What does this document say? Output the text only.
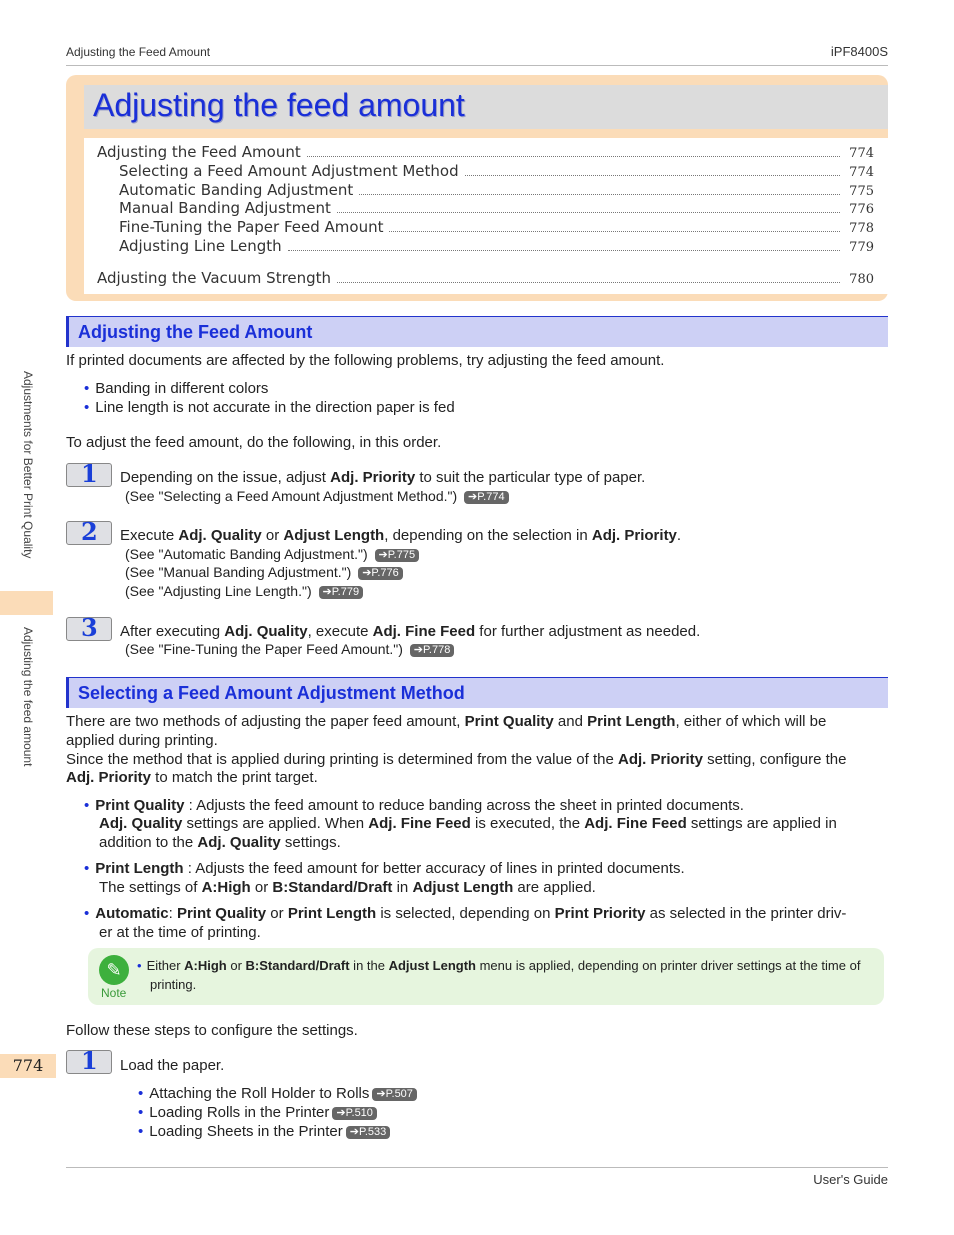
Adjusting the Feed Amount	iPF8400S
Adjusting the feed amount
Adjusting the Feed Amount	774
Selecting a Feed Amount Adjustment Method	774
Automatic Banding Adjustment	775
Manual Banding Adjustment	776
Fine-Tuning the Paper Feed Amount	778
Adjusting Line Length	779
Adjusting the Vacuum Strength	780
Adjustments for Better Print Quality
Adjusting the feed amount
Adjusting the Feed Amount
If printed documents are affected by the following problems, try adjusting the feed amount.
• Banding in different colors
• Line length is not accurate in the direction paper is fed
To adjust the feed amount, do the following, in this order.
1 Depending on the issue, adjust Adj. Priority to suit the particular type of paper.
(See "Selecting a Feed Amount Adjustment Method.") ➔P.774
2 Execute Adj. Quality or Adjust Length, depending on the selection in Adj. Priority.
(See "Automatic Banding Adjustment.") ➔P.775
(See "Manual Banding Adjustment.") ➔P.776
(See "Adjusting Line Length.") ➔P.779
3 After executing Adj. Quality, execute Adj. Fine Feed for further adjustment as needed.
(See "Fine-Tuning the Paper Feed Amount.") ➔P.778
Selecting a Feed Amount Adjustment Method
There are two methods of adjusting the paper feed amount, Print Quality and Print Length, either of which will be
applied during printing.
Since the method that is applied during printing is determined from the value of the Adj. Priority setting, configure the
Adj. Priority to match the print target.
• Print Quality : Adjusts the feed amount to reduce banding across the sheet in printed documents.
Adj. Quality settings are applied. When Adj. Fine Feed is executed, the Adj. Fine Feed settings are applied in
addition to the Adj. Quality settings.
• Print Length : Adjusts the feed amount for better accuracy of lines in printed documents.
The settings of A:High or B:Standard/Draft in Adjust Length are applied.
• Automatic: Print Quality or Print Length is selected, depending on Print Priority as selected in the printer driv-
er at the time of printing.
✎
Note
• Either A:High or B:Standard/Draft in the Adjust Length menu is applied, depending on printer driver settings at the time of
printing.
Follow these steps to configure the settings.
1 Load the paper.
• Attaching the Roll Holder to Rolls ➔P.507
• Loading Rolls in the Printer ➔P.510
• Loading Sheets in the Printer ➔P.533
774
User's Guide
